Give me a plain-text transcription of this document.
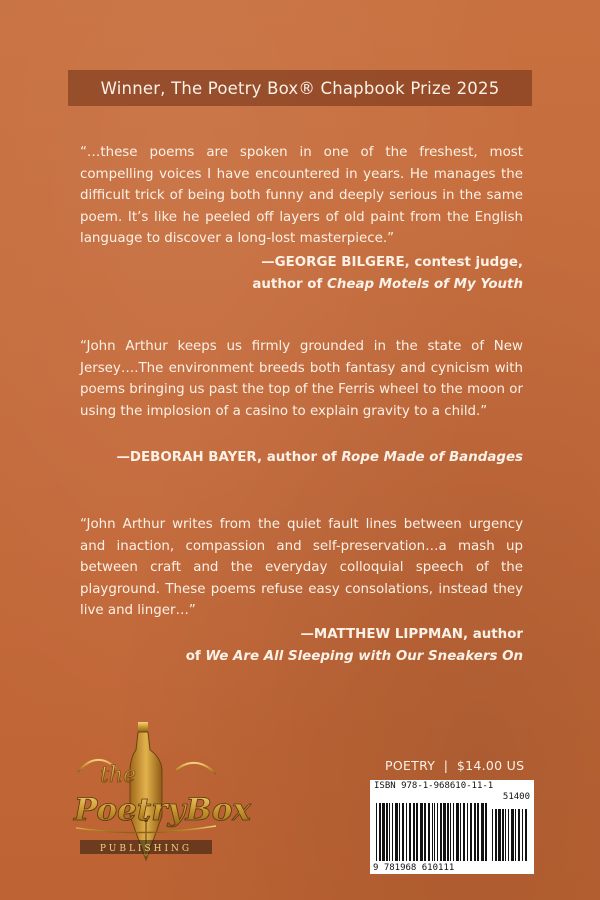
Winner, The Poetry Box® Chapbook Prize 2025
“…these poems are spoken in one of the freshest, most compelling voices I have encountered in years. He manages the difficult trick of being both funny and deeply serious in the same poem. It’s like he peeled off layers of old paint from the English language to discover a long-lost masterpiece.”
—GEORGE BILGERE, contest judge,
author of Cheap Motels of My Youth
“John Arthur keeps us firmly grounded in the state of New Jersey….The environment breeds both fantasy and cynicism with poems bringing us past the top of the Ferris wheel to the moon or using the implosion of a casino to explain gravity to a child.”
—DEBORAH BAYER, author of Rope Made of Bandages
“John Arthur writes from the quiet fault lines between urgency and inaction, compassion and self-preservation…a mash up between craft and the everyday colloquial speech of the playground. These poems refuse easy consolations, instead they live and linger…”
—MATTHEW LIPPMAN, author
of We Are All Sleeping with Our Sneakers On
the
PoetryBox
PUBLISHING
POETRY  |  $14.00 US
ISBN 978-1-968610-11-1
51400
9 781968 610111
